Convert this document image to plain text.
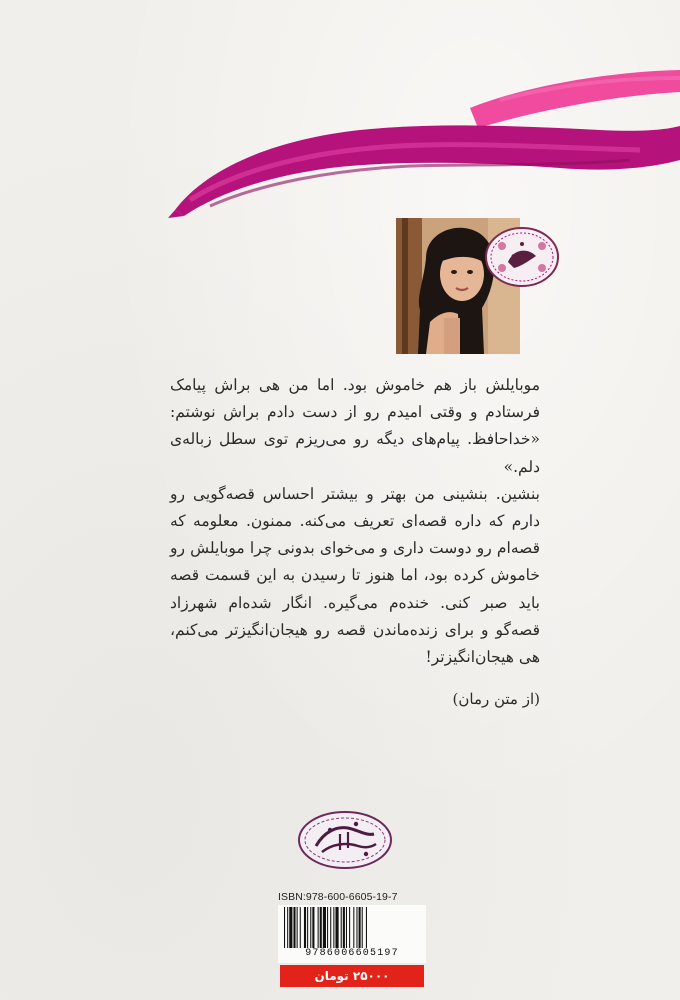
موبایلش باز هم خاموش بود. اما من هی براش پیامک فرستادم و وقتی امیدم رو از دست دادم براش نوشتم: «خداحافظ. پیام‌های دیگه رو می‌ریزم توی سطل زباله‌ی دلم.»

بنشین. بنشینی من بهتر و بیشتر احساس قصه‌گویی رو دارم که داره قصه‌ای تعریف می‌کنه. ممنون. معلومه که قصه‌ام رو دوست داری و می‌خوای بدونی چرا موبایلش رو خاموش کرده بود، اما هنوز تا رسیدن به این قسمت قصه باید صبر کنی. خنده‌م می‌گیره. انگار شده‌ام شهرزاد قصه‌گو و برای زنده‌ماندن قصه رو هیجان‌انگیزتر می‌کنم، هی هیجان‌انگیز‌تر!

(از متن رمان)
ISBN:978-600-6605-19-7
9786006605197
۲۵۰۰۰ تومان
